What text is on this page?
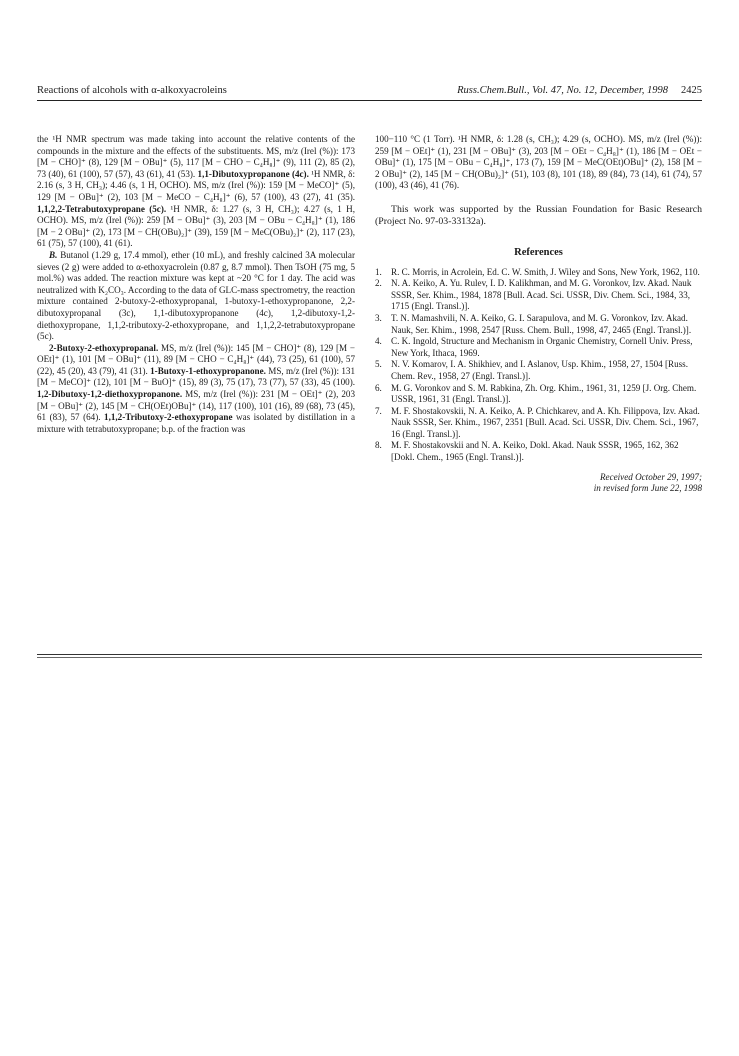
Reactions of alcohols with α-alkoxyacroleins	Russ.Chem.Bull., Vol. 47, No. 12, December, 1998 2425

the ¹H NMR spectrum was made taking into account the relative contents of the compounds in the mixture and the effects of the substituents. MS, m/z (Irel (%)): 173 [M − CHO]⁺ (8), 129 [M − OBu]⁺ (5), 117 [M − CHO − C₄H₈]⁺ (9), 111 (2), 85 (2), 73 (40), 61 (100), 57 (57), 43 (61), 41 (53). 1,1-Dibutoxypropanone (4c). ¹H NMR, δ: 2.16 (s, 3 H, CH₃); 4.46 (s, 1 H, OCHO). MS, m/z (Irel (%)): 159 [M − MeCO]⁺ (5), 129 [M − OBu]⁺ (2), 103 [M − MeCO − C₄H₈]⁺ (6), 57 (100), 43 (27), 41 (35). 1,1,2,2-Tetrabutoxypropane (5c). ¹H NMR, δ: 1.27 (s, 3 H, CH₃); 4.27 (s, 1 H, OCHO). MS, m/z (Irel (%)): 259 [M − OBu]⁺ (3), 203 [M − OBu − C₄H₈]⁺ (1), 186 [M − 2 OBu]⁺ (2), 173 [M − CH(OBu)₂]⁺ (39), 159 [M − MeC(OBu)₂]⁺ (2), 117 (23), 61 (75), 57 (100), 41 (61).

B. Butanol (1.29 g, 17.4 mmol), ether (10 mL), and freshly calcined 3A molecular sieves (2 g) were added to α-ethoxyacrolein (0.87 g, 8.7 mmol). Then TsOH (75 mg, 5 mol.%) was added. The reaction mixture was kept at ~20 °C for 1 day. The acid was neutralized with K₂CO₃. According to the data of GLC-mass spectrometry, the reaction mixture contained 2-butoxy-2-ethoxypropanal, 1-butoxy-1-ethoxypropanone, 2,2-dibutoxypropanal (3c), 1,1-dibutoxypropanone (4c), 1,2-dibutoxy-1,2-diethoxypropane, 1,1,2-tributoxy-2-ethoxypropane, and 1,1,2,2-tetrabutoxypropane (5c).

2-Butoxy-2-ethoxypropanal. MS, m/z (Irel (%)): 145 [M − CHO]⁺ (8), 129 [M − OEt]⁺ (1), 101 [M − OBu]⁺ (11), 89 [M − CHO − C₄H₈]⁺ (44), 73 (25), 61 (100), 57 (22), 45 (20), 43 (79), 41 (31). 1-Butoxy-1-ethoxypropanone. MS, m/z (Irel (%)): 131 [M − MeCO]⁺ (12), 101 [M − BuO]⁺ (15), 89 (3), 75 (17), 73 (77), 57 (33), 45 (100). 1,2-Dibutoxy-1,2-diethoxypropanone. MS, m/z (Irel (%)): 231 [M − OEt]⁺ (2), 203 [M − OBu]⁺ (2), 145 [M − CH(OEt)OBu]⁺ (14), 117 (100), 101 (16), 89 (68), 73 (45), 61 (83), 57 (64). 1,1,2-Tributoxy-2-ethoxypropane was isolated by distillation in a mixture with tetrabutoxypropane; b.p. of the fraction was

100−110 °C (1 Torr). ¹H NMR, δ: 1.28 (s, CH₃); 4.29 (s, OCHO). MS, m/z (Irel (%)): 259 [M − OEt]⁺ (1), 231 [M − OBu]⁺ (3), 203 [M − OEt − C₄H₈]⁺ (1), 186 [M − OEt − OBu]⁺ (1), 175 [M − OBu − C₄H₈]⁺, 173 (7), 159 [M − MeC(OEt)OBu]⁺ (2), 158 [M − 2 OBu]⁺ (2), 145 [M − CH(OBu)₂]⁺ (51), 103 (8), 101 (18), 89 (84), 73 (14), 61 (74), 57 (100), 43 (46), 41 (76).

This work was supported by the Russian Foundation for Basic Research (Project No. 97-03-33132a).

References
1. R. C. Morris, in Acrolein, Ed. C. W. Smith, J. Wiley and Sons, New York, 1962, 110.
2. N. A. Keiko, A. Yu. Rulev, I. D. Kalikhman, and M. G. Voronkov, Izv. Akad. Nauk SSSR, Ser. Khim., 1984, 1878 [Bull. Acad. Sci. USSR, Div. Chem. Sci., 1984, 33, 1715 (Engl. Transl.)].
3. T. N. Mamashvili, N. A. Keiko, G. I. Sarapulova, and M. G. Voronkov, Izv. Akad. Nauk, Ser. Khim., 1998, 2547 [Russ. Chem. Bull., 1998, 47, 2465 (Engl. Transl.)].
4. C. K. Ingold, Structure and Mechanism in Organic Chemistry, Cornell Univ. Press, New York, Ithaca, 1969.
5. N. V. Komarov, I. A. Shikhiev, and I. Aslanov, Usp. Khim., 1958, 27, 1504 [Russ. Chem. Rev., 1958, 27 (Engl. Transl.)].
6. M. G. Voronkov and S. M. Rabkina, Zh. Org. Khim., 1961, 31, 1259 [J. Org. Chem. USSR, 1961, 31 (Engl. Transl.)].
7. M. F. Shostakovskii, N. A. Keiko, A. P. Chichkarev, and A. Kh. Filippova, Izv. Akad. Nauk SSSR, Ser. Khim., 1967, 2351 [Bull. Acad. Sci. USSR, Div. Chem. Sci., 1967, 16 (Engl. Transl.)].
8. M. F. Shostakovskii and N. A. Keiko, Dokl. Akad. Nauk SSSR, 1965, 162, 362 [Dokl. Chem., 1965 (Engl. Transl.)].
Received October 29, 1997;
in revised form June 22, 1998
